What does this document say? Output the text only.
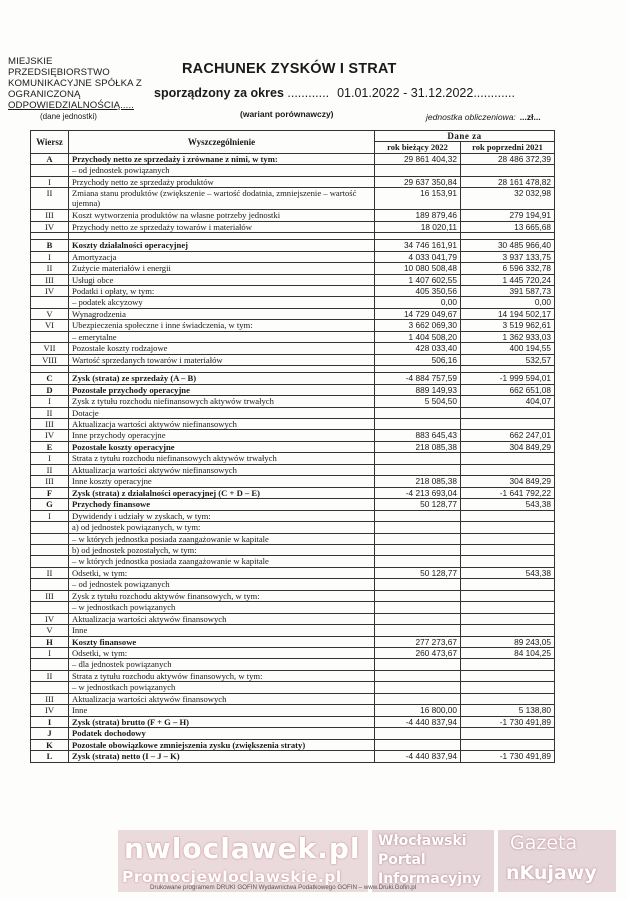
MIEJSKIE
PRZEDSIĘBIORSTWO
KOMUNIKACYJNE SPÓŁKA Z
OGRANICZONĄ
ODPOWIEDZIALNOŚCIĄ.....
(dane jednostki)
RACHUNEK ZYSKÓW I STRAT
sporządzony za okres ............ 01.01.2022 - 31.12.2022............
(wariant porównawczy)	jednostka obliczeniowa: ...zł...
Wiersz	Wyszczególnienie	Dane za	
		rok bieżący 2022	rok poprzedni 2021
A	Przychody netto ze sprzedaży i zrównane z nimi, w tym:	29 861 404,32	28 486 372,39
	– od jednostek powiązanych		
I	Przychody netto ze sprzedaży produktów	29 637 350,84	28 161 478,82
II	Zmiana stanu produktów (zwiększenie – wartość dodatnia, zmniejszenie – wartość ujemna)	16 153,91	32 032,98
III	Koszt wytworzenia produktów na własne potrzeby jednostki	189 879,46	279 194,91
IV	Przychody netto ze sprzedaży towarów i materiałów	18 020,11	13 665,68

B	Koszty działalności operacyjnej	34 746 161,91	30 485 966,40
I	Amortyzacja	4 033 041,79	3 937 133,75
II	Zużycie materiałów i energii	10 080 508,48	6 596 332,78
III	Usługi obce	1 407 602,55	1 445 720,24
IV	Podatki i opłaty, w tym:	405 350,56	391 587,73
	– podatek akcyzowy	0,00	0,00
V	Wynagrodzenia	14 729 049,67	14 194 502,17
VI	Ubezpieczenia społeczne i inne świadczenia, w tym:	3 662 069,30	3 519 962,61
	– emerytalne	1 404 508,20	1 362 933,03
VII	Pozostałe koszty rodzajowe	428 033,40	400 194,55
VIII	Wartość sprzedanych towarów i materiałów	506,16	532,57

C	Zysk (strata) ze sprzedaży (A – B)	-4 884 757,59	-1 999 594,01
D	Pozostałe przychody operacyjne	889 149,93	662 651,08
I	Zysk z tytułu rozchodu niefinansowych aktywów trwałych	5 504,50	404,07
II	Dotacje		
III	Aktualizacja wartości aktywów niefinansowych		
IV	Inne przychody operacyjne	883 645,43	662 247,01
E	Pozostałe koszty operacyjne	218 085,38	304 849,29
I	Strata z tytułu rozchodu niefinansowych aktywów trwałych		
II	Aktualizacja wartości aktywów niefinansowych		
III	Inne koszty operacyjne	218 085,38	304 849,29
F	Zysk (strata) z działalności operacyjnej (C + D – E)	-4 213 693,04	-1 641 792,22
G	Przychody finansowe	50 128,77	543,38
I	Dywidendy i udziały w zyskach, w tym:		
	a) od jednostek powiązanych, w tym:		
	– w których jednostka posiada zaangażowanie w kapitale		
	b) od jednostek pozostałych, w tym:		
	– w których jednostka posiada zaangażowanie w kapitale		
II	Odsetki, w tym:	50 128,77	543,38
	– od jednostek powiązanych		
III	Zysk z tytułu rozchodu aktywów finansowych, w tym:		
	– w jednostkach powiązanych		
IV	Aktualizacja wartości aktywów finansowych		
V	Inne		
H	Koszty finansowe	277 273,67	89 243,05
I	Odsetki, w tym:	260 473,67	84 104,25
	– dla jednostek powiązanych		
II	Strata z tytułu rozchodu aktywów finansowych, w tym:		
	– w jednostkach powiązanych		
III	Aktualizacja wartości aktywów finansowych		
IV	Inne	16 800,00	5 138,80
I	Zysk (strata) brutto (F + G – H)	-4 440 837,94	-1 730 491,89
J	Podatek dochodowy		
K	Pozostałe obowiązkowe zmniejszenia zysku (zwiększenia straty)		
L	Zysk (strata) netto (I – J – K)	-4 440 837,94	-1 730 491,89
nwloclawek.pl
Promocjewloclawskie.pl
Włocławski Portal Informacyjny
Gazeta
nKujawy
Drukowane programem DRUKI GOFIN Wydawnictwa Podatkowego GOFIN – www.Druki.Gofin.pl
